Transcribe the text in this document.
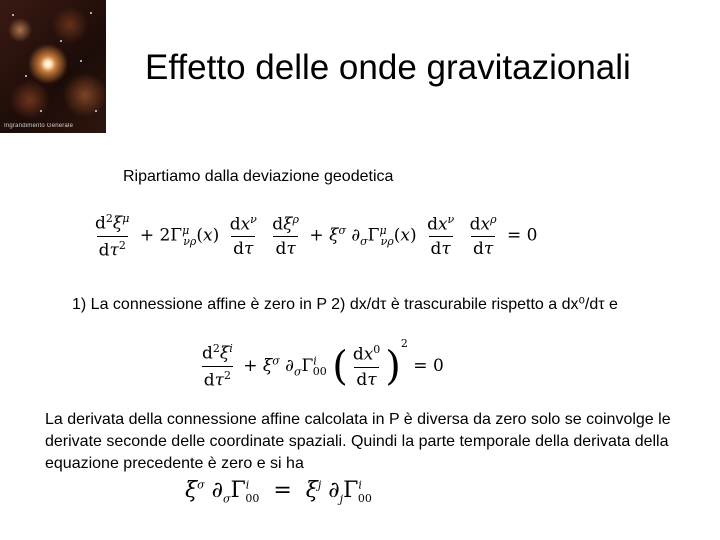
Ingrandimento Generale
Effetto delle onde gravitazionali
Ripartiamo dalla deviazione geodetica
$\frac{d^2\xi^\mu}{d\tau^2} + 2\Gamma^\mu_{\nu\rho}(x) \frac{dx^\nu}{d\tau}$
$\frac{d\xi^\rho}{d\tau} + \xi^\sigma$ $\partial_\sigma\Gamma^\mu_{\nu\rho}(x) \frac{dx^\nu}{d\tau}$
$\frac{dx^\rho}{d\tau} = 0$
1) La connessione affine è zero in P 2) dx/dτ è trascurabile rispetto a dx⁰/dτ e
$\frac{d^2\xi^i}{d\tau^2} + \xi^\sigma$ $\partial_\sigma\Gamma^i_{00}$ ( $\frac{dx^0}{d\tau} )^2 = 0$
La derivata della connessione affine calcolata in P è diversa da zero solo se coinvolge le derivate seconde delle coordinate spaziali. Quindi la parte temporale della derivata della equazione precedente è zero e si ha
$\xi^\sigma$ $\partial_\sigma\Gamma^i_{00} = \xi^j$ $\partial_j\Gamma^i_{00}$
